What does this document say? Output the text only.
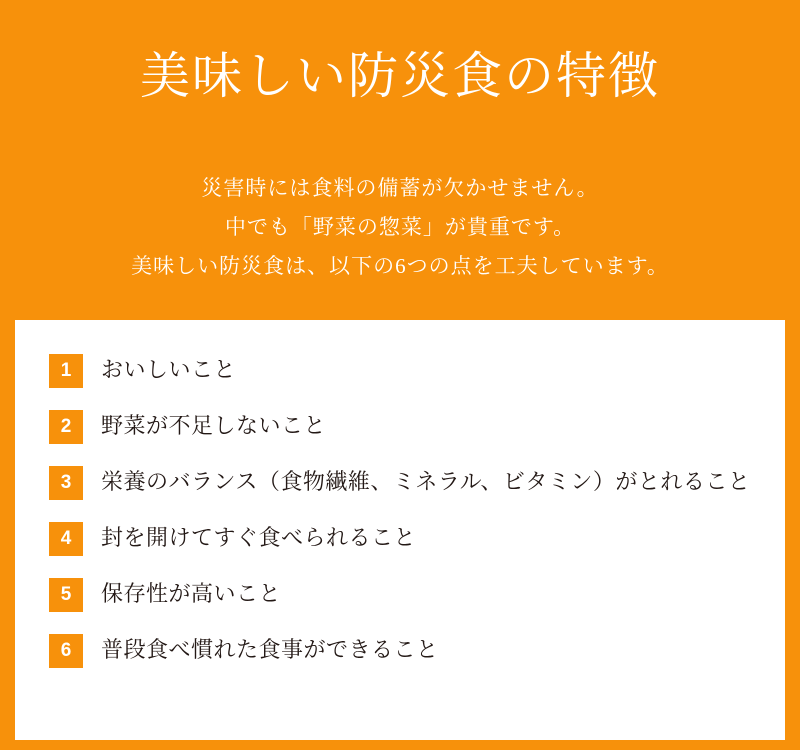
美味しい防災食の特徴
災害時には食料の備蓄が欠かせません。
中でも「野菜の惣菜」が貴重です。
美味しい防災食は、以下の6つの点を工夫しています。
1	おいしいこと
2	野菜が不足しないこと
3	栄養のバランス（食物繊維、ミネラル、ビタミン）がとれること
4	封を開けてすぐ食べられること
5	保存性が高いこと
6	普段食べ慣れた食事ができること
